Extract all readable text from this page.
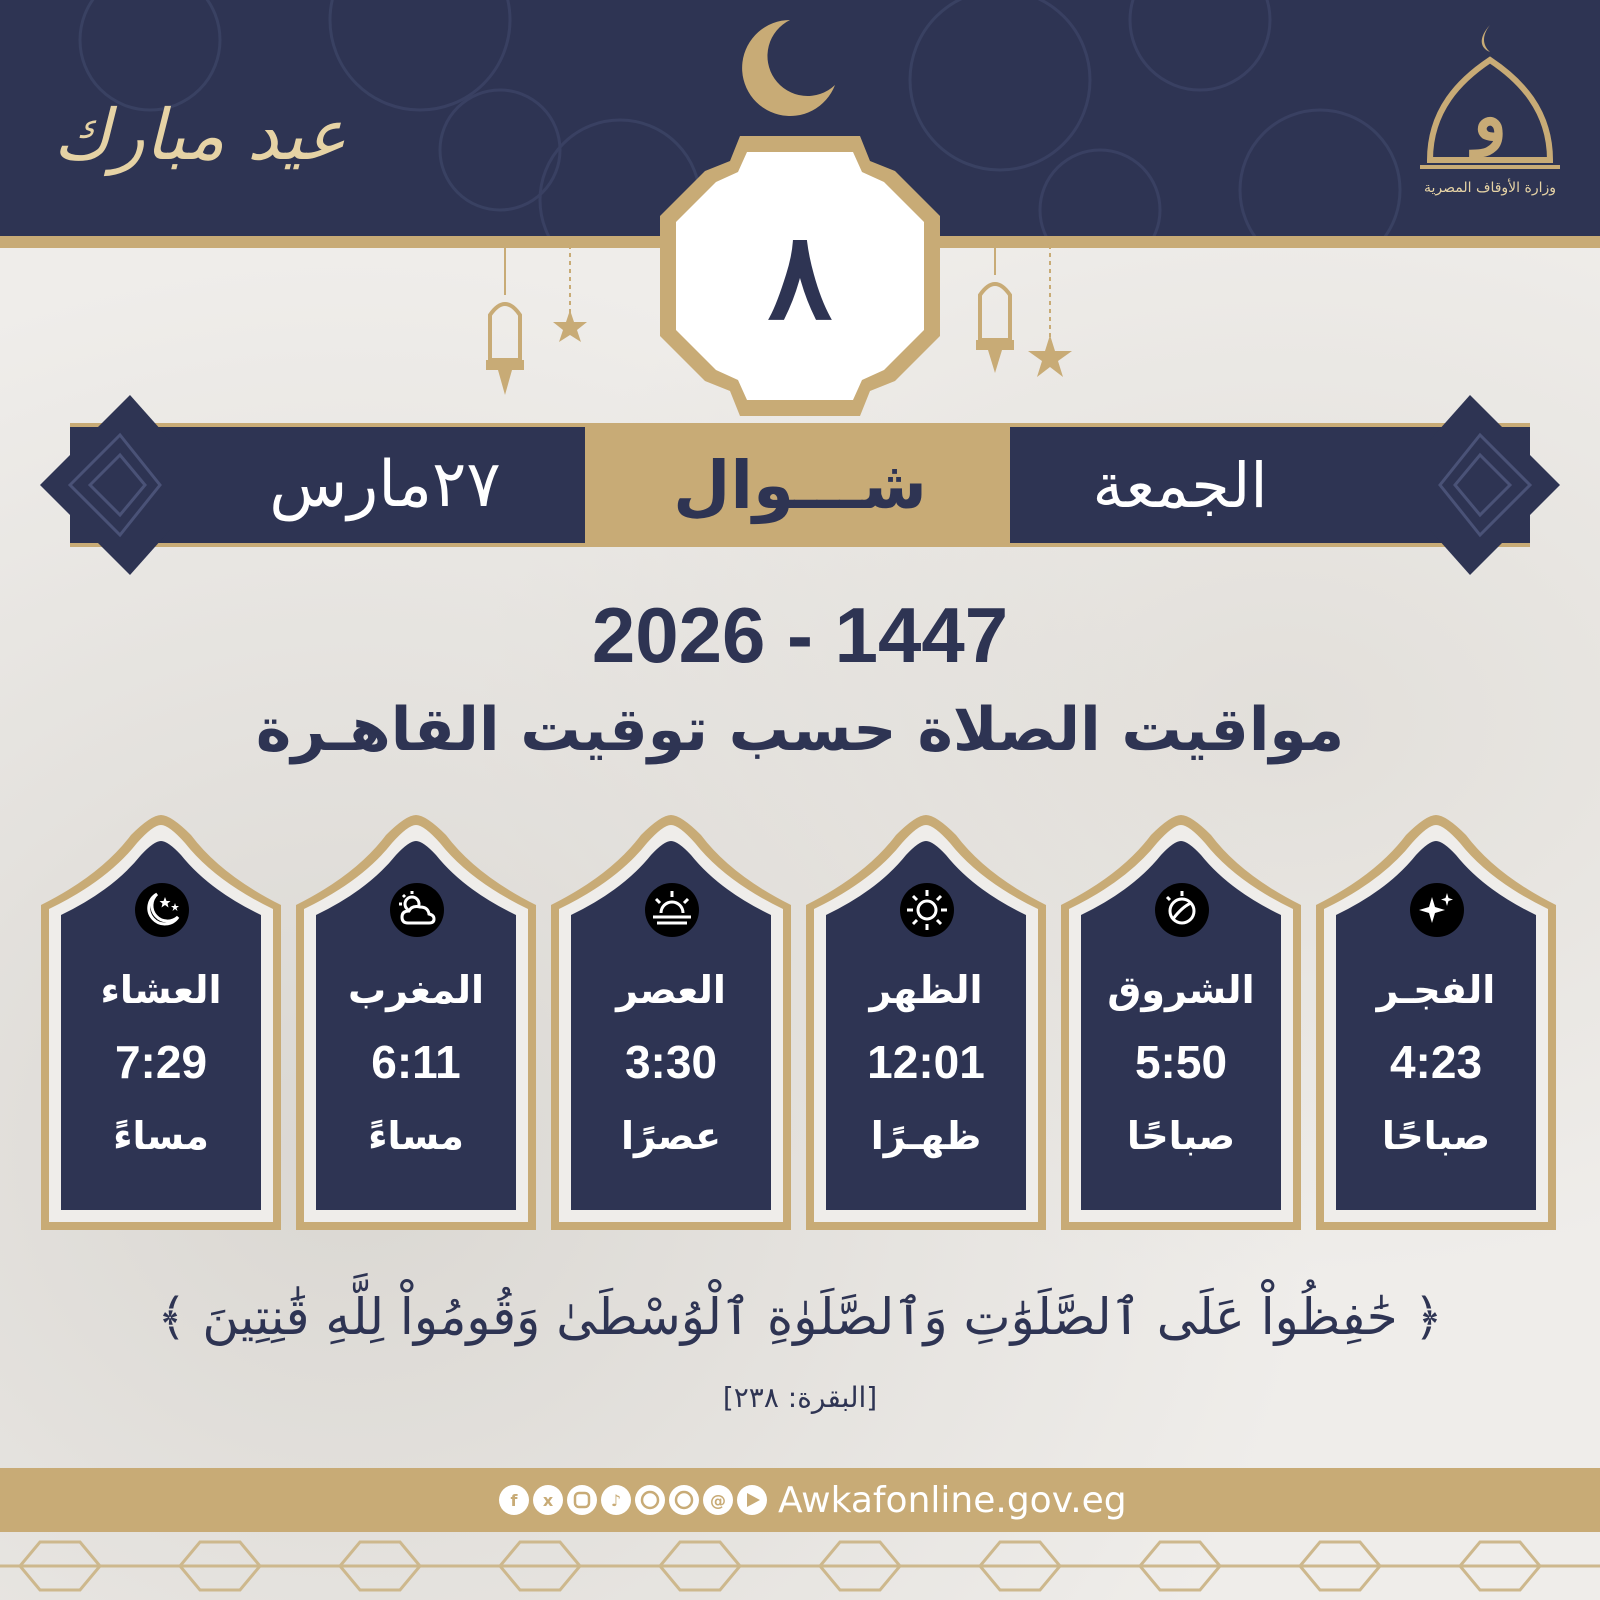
عيد مبارك	و
وزارة الأوقاف المصرية
٨
الجمعة
شـــوال
٢٧مارس
2026 - 1447
مواقيت الصلاة حسب توقيت القاهـرة
الفجـر
4:23
صباحًا
الشروق
5:50
صباحًا
الظهر
12:01
ظهـرًا
العصر
3:30
عصرًا
المغرب
6:11
مساءً
العشاء
7:29
مساءً
﴿ حَٰفِظُواْ عَلَى ٱلصَّلَوَٰتِ وَٱلصَّلَوٰةِ ٱلْوُسْطَىٰ وَقُومُواْ لِلَّهِ قَٰنِتِينَ ﴾
[البقرة: ٢٣٨]
f x	♪	@ Awkafonline.gov.eg
